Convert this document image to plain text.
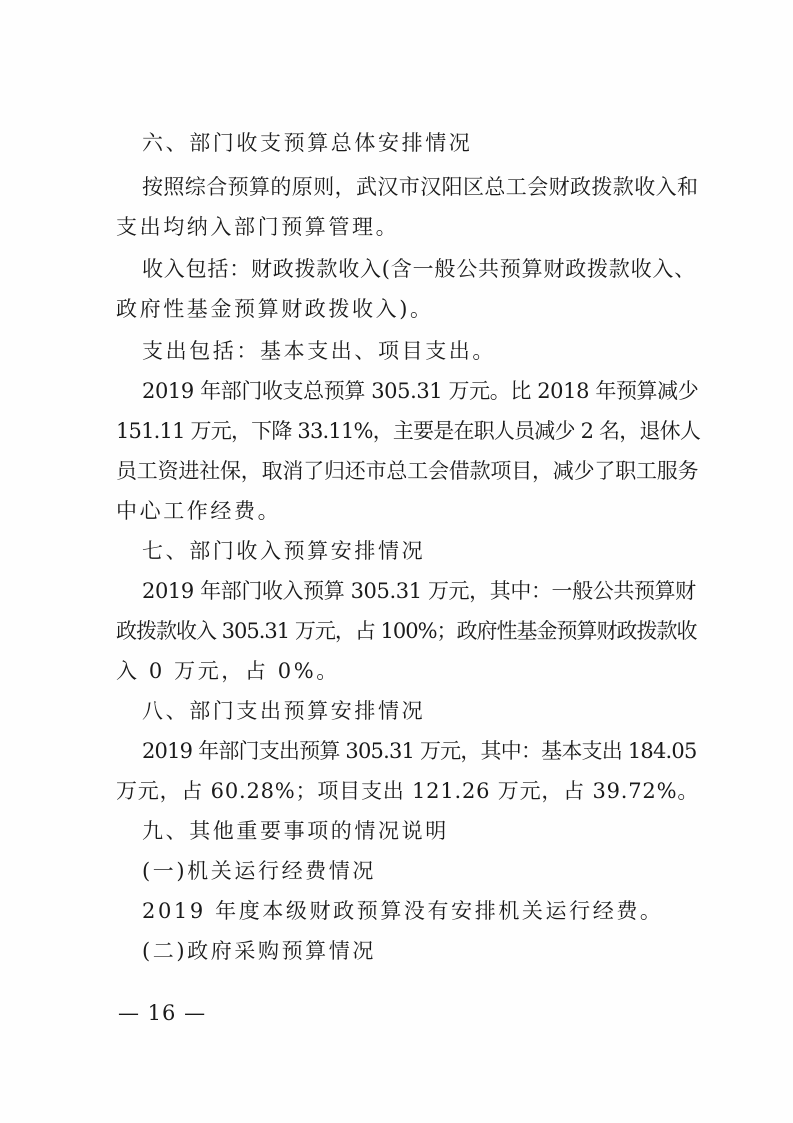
六、部门收支预算总体安排情况
按照综合预算的原则，武汉市汉阳区总工会财政拨款收入和
支出均纳入部门预算管理。
收入包括：财政拨款收入(含一般公共预算财政拨款收入、
政府性基金预算财政拨收入)。
支出包括：基本支出、项目支出。
2019 年部门收支总预算 305.31 万元。比 2018 年预算减少
151.11 万元，下降 33.11%，主要是在职人员减少 2 名，退休人
员工资进社保，取消了归还市总工会借款项目，减少了职工服务
中心工作经费。
七、部门收入预算安排情况
2019 年部门收入预算 305.31 万元，其中：一般公共预算财
政拨款收入 305.31 万元，占 100%；政府性基金预算财政拨款收
入 0 万元，占 0%。
八、部门支出预算安排情况
2019 年部门支出预算 305.31 万元，其中：基本支出 184.05
万元，占 60.28%；项目支出 121.26 万元，占 39.72%。
九、其他重要事项的情况说明
(一)机关运行经费情况
2019 年度本级财政预算没有安排机关运行经费。
(二)政府采购预算情况
— 16 —
